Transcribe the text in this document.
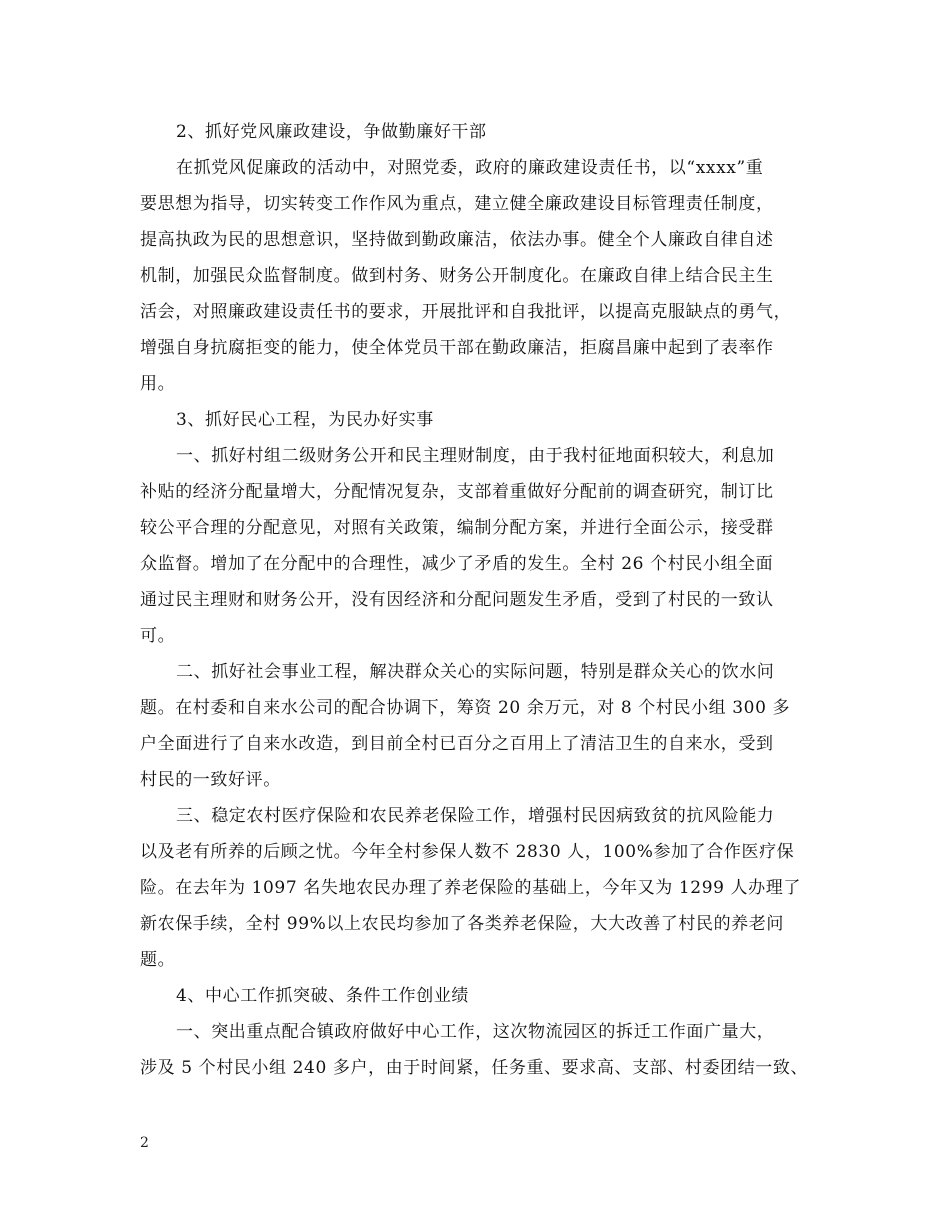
2、抓好党风廉政建设，争做勤廉好干部
在抓党风促廉政的活动中，对照党委，政府的廉政建设责任书，以“xxxx”重
要思想为指导，切实转变工作作风为重点，建立健全廉政建设目标管理责任制度，
提高执政为民的思想意识，坚持做到勤政廉洁，依法办事。健全个人廉政自律自述
机制，加强民众监督制度。做到村务、财务公开制度化。在廉政自律上结合民主生
活会，对照廉政建设责任书的要求，开展批评和自我批评，以提高克服缺点的勇气，
增强自身抗腐拒变的能力，使全体党员干部在勤政廉洁，拒腐昌廉中起到了表率作
用。
3、抓好民心工程，为民办好实事
一、抓好村组二级财务公开和民主理财制度，由于我村征地面积较大，利息加
补贴的经济分配量增大，分配情况复杂，支部着重做好分配前的调查研究，制订比
较公平合理的分配意见，对照有关政策，编制分配方案，并进行全面公示，接受群
众监督。增加了在分配中的合理性，减少了矛盾的发生。全村 26 个村民小组全面
通过民主理财和财务公开，没有因经济和分配问题发生矛盾，受到了村民的一致认
可。
二、抓好社会事业工程，解决群众关心的实际问题，特别是群众关心的饮水问
题。在村委和自来水公司的配合协调下，筹资 20 余万元，对 8 个村民小组 300 多
户全面进行了自来水改造，到目前全村已百分之百用上了清洁卫生的自来水，受到
村民的一致好评。
三、稳定农村医疗保险和农民养老保险工作，增强村民因病致贫的抗风险能力
以及老有所养的后顾之忧。今年全村参保人数不 2830 人，100%参加了合作医疗保
险。在去年为 1097 名失地农民办理了养老保险的基础上，今年又为 1299 人办理了
新农保手续，全村 99%以上农民均参加了各类养老保险，大大改善了村民的养老问
题。
4、中心工作抓突破、条件工作创业绩
一、突出重点配合镇政府做好中心工作，这次物流园区的拆迁工作面广量大，
涉及 5 个村民小组 240 多户，由于时间紧，任务重、要求高、支部、村委团结一致、
2
